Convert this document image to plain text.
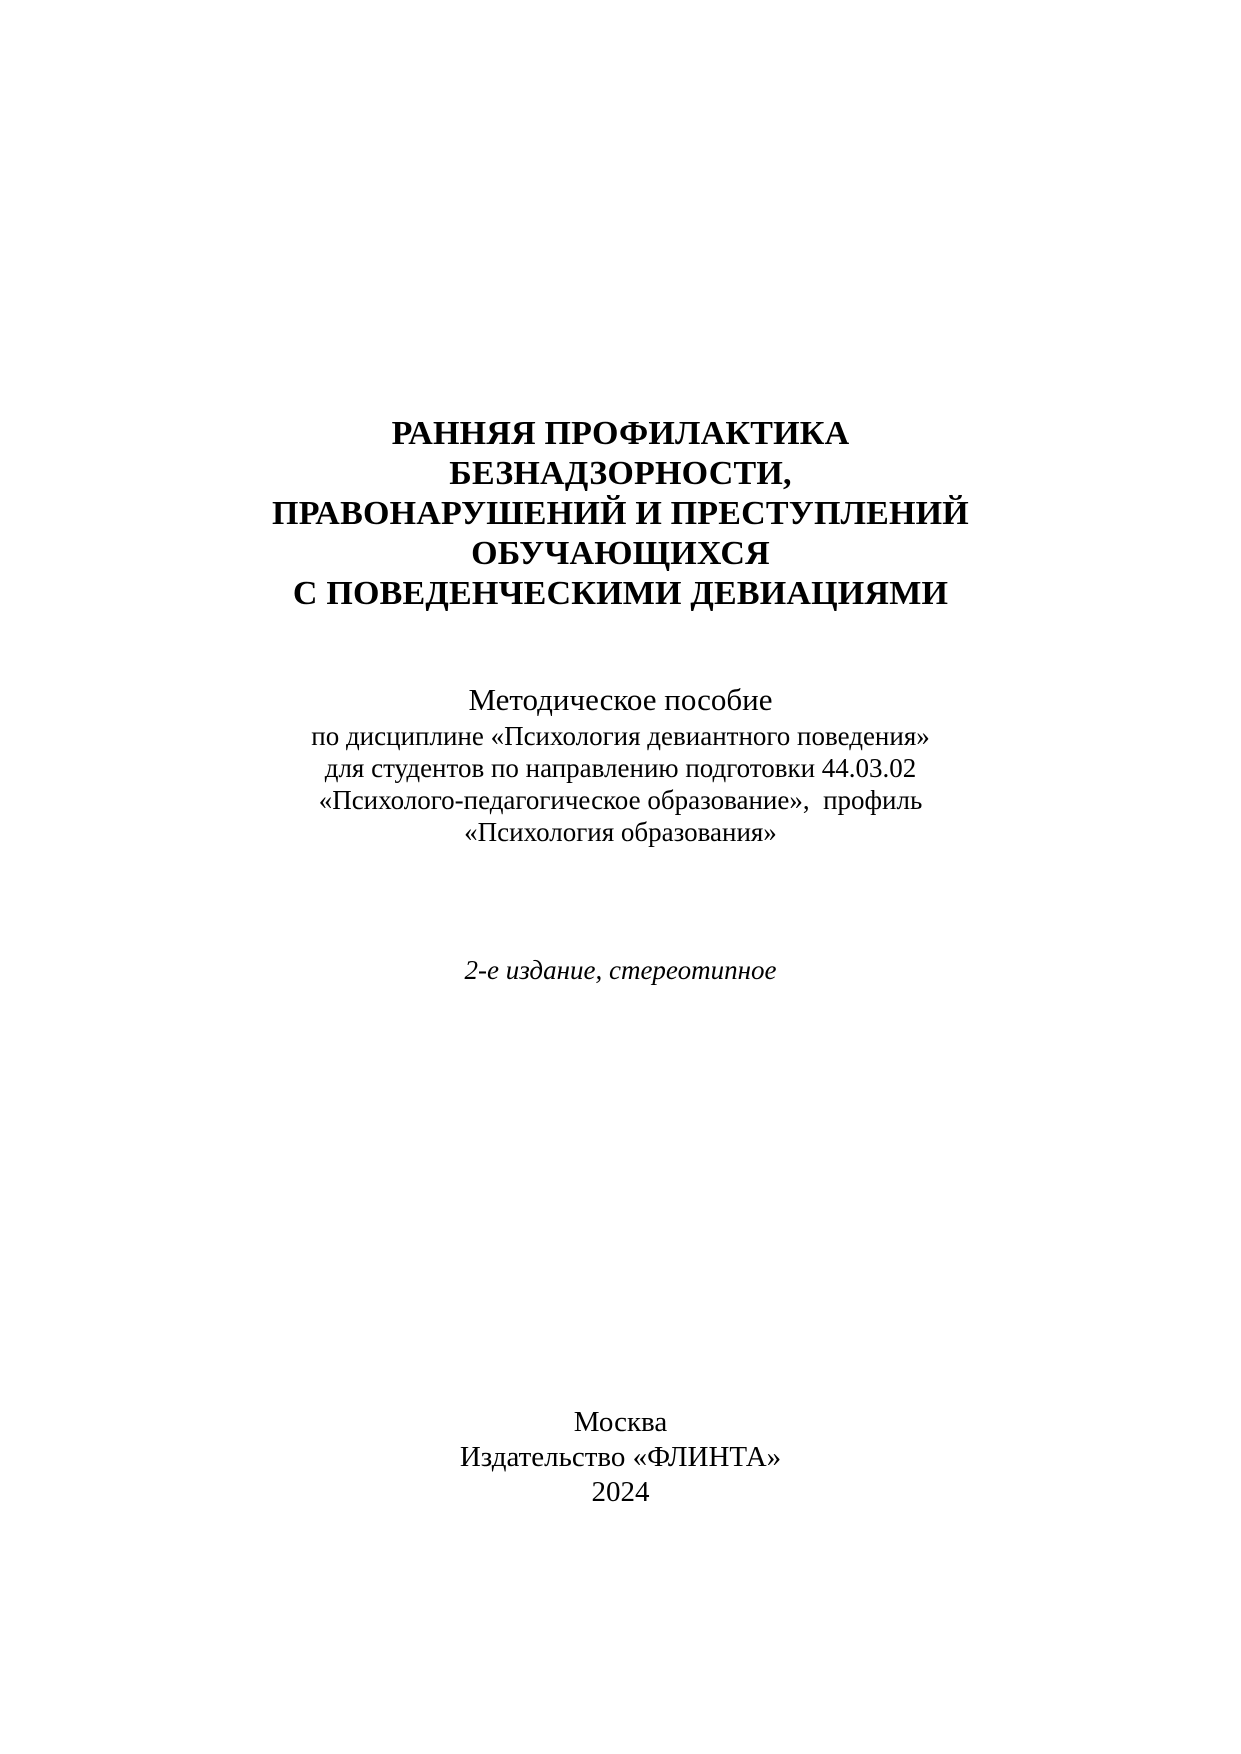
РАННЯЯ ПРОФИЛАКТИКА
БЕЗНАДЗОРНОСТИ,
ПРАВОНАРУШЕНИЙ И ПРЕСТУПЛЕНИЙ
ОБУЧАЮЩИХСЯ
С ПОВЕДЕНЧЕСКИМИ ДЕВИАЦИЯМИ
Методическое пособие
по дисциплине «Психология девиантного поведения»
для студентов по направлению подготовки 44.03.02
«Психолого-педагогическое образование»,  профиль
«Психология образования»
2-е издание, стереотипное
Москва
Издательство «ФЛИНТА»
2024
